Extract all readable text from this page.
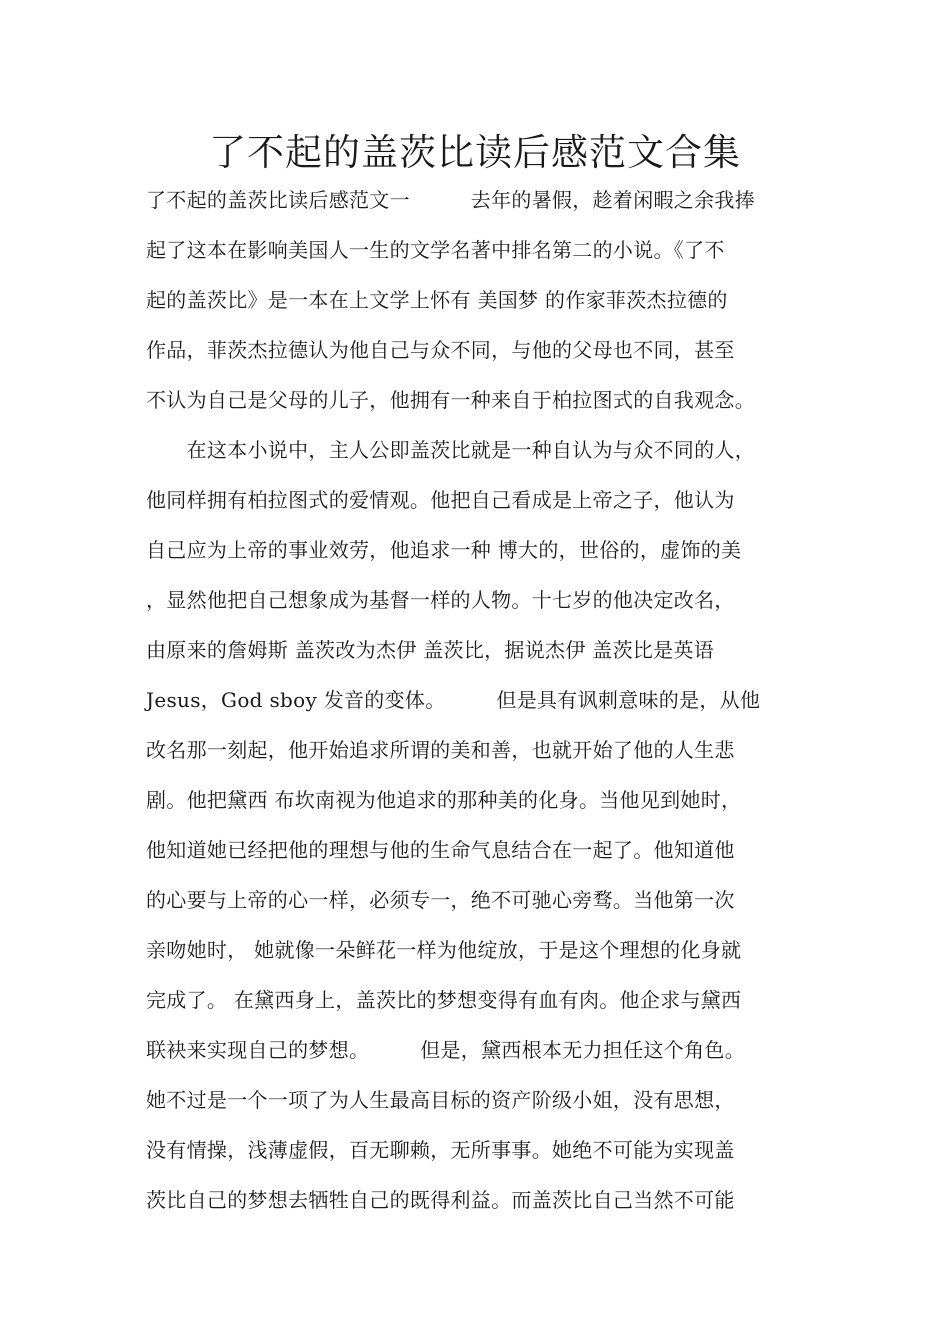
了不起的盖茨比读后感范文合集
了不起的盖茨比读后感范文一　　　去年的暑假，趁着闲暇之余我捧
起了这本在影响美国人一生的文学名著中排名第二的小说。《了不
起的盖茨比》是一本在上文学上怀有 美国梦 的作家菲茨杰拉德的
作品，菲茨杰拉德认为他自己与众不同，与他的父母也不同，甚至
不认为自己是父母的儿子，他拥有一种来自于柏拉图式的自我观念。
　　在这本小说中，主人公即盖茨比就是一种自认为与众不同的人，
他同样拥有柏拉图式的爱情观。他把自己看成是上帝之子，他认为
自己应为上帝的事业效劳，他追求一种 博大的，世俗的，虚饰的美
，显然他把自己想象成为基督一样的人物。十七岁的他决定改名，
由原来的詹姆斯 盖茨改为杰伊 盖茨比，据说杰伊 盖茨比是英语
Jesus，God sboy 发音的变体。　　　但是具有讽刺意味的是，从他
改名那一刻起，他开始追求所谓的美和善，也就开始了他的人生悲
剧。他把黛西 布坎南视为他追求的那种美的化身。当他见到她时，
他知道她已经把他的理想与他的生命气息结合在一起了。他知道他
的心要与上帝的心一样，必须专一，绝不可驰心旁骛。当他第一次
亲吻她时， 她就像一朵鲜花一样为他绽放，于是这个理想的化身就
完成了。 在黛西身上，盖茨比的梦想变得有血有肉。他企求与黛西
联袂来实现自己的梦想。　　　但是，黛西根本无力担任这个角色。
她不过是一个一项了为人生最高目标的资产阶级小姐，没有思想，
没有情操，浅薄虚假，百无聊赖，无所事事。她绝不可能为实现盖
茨比自己的梦想去牺牲自己的既得利益。而盖茨比自己当然不可能
